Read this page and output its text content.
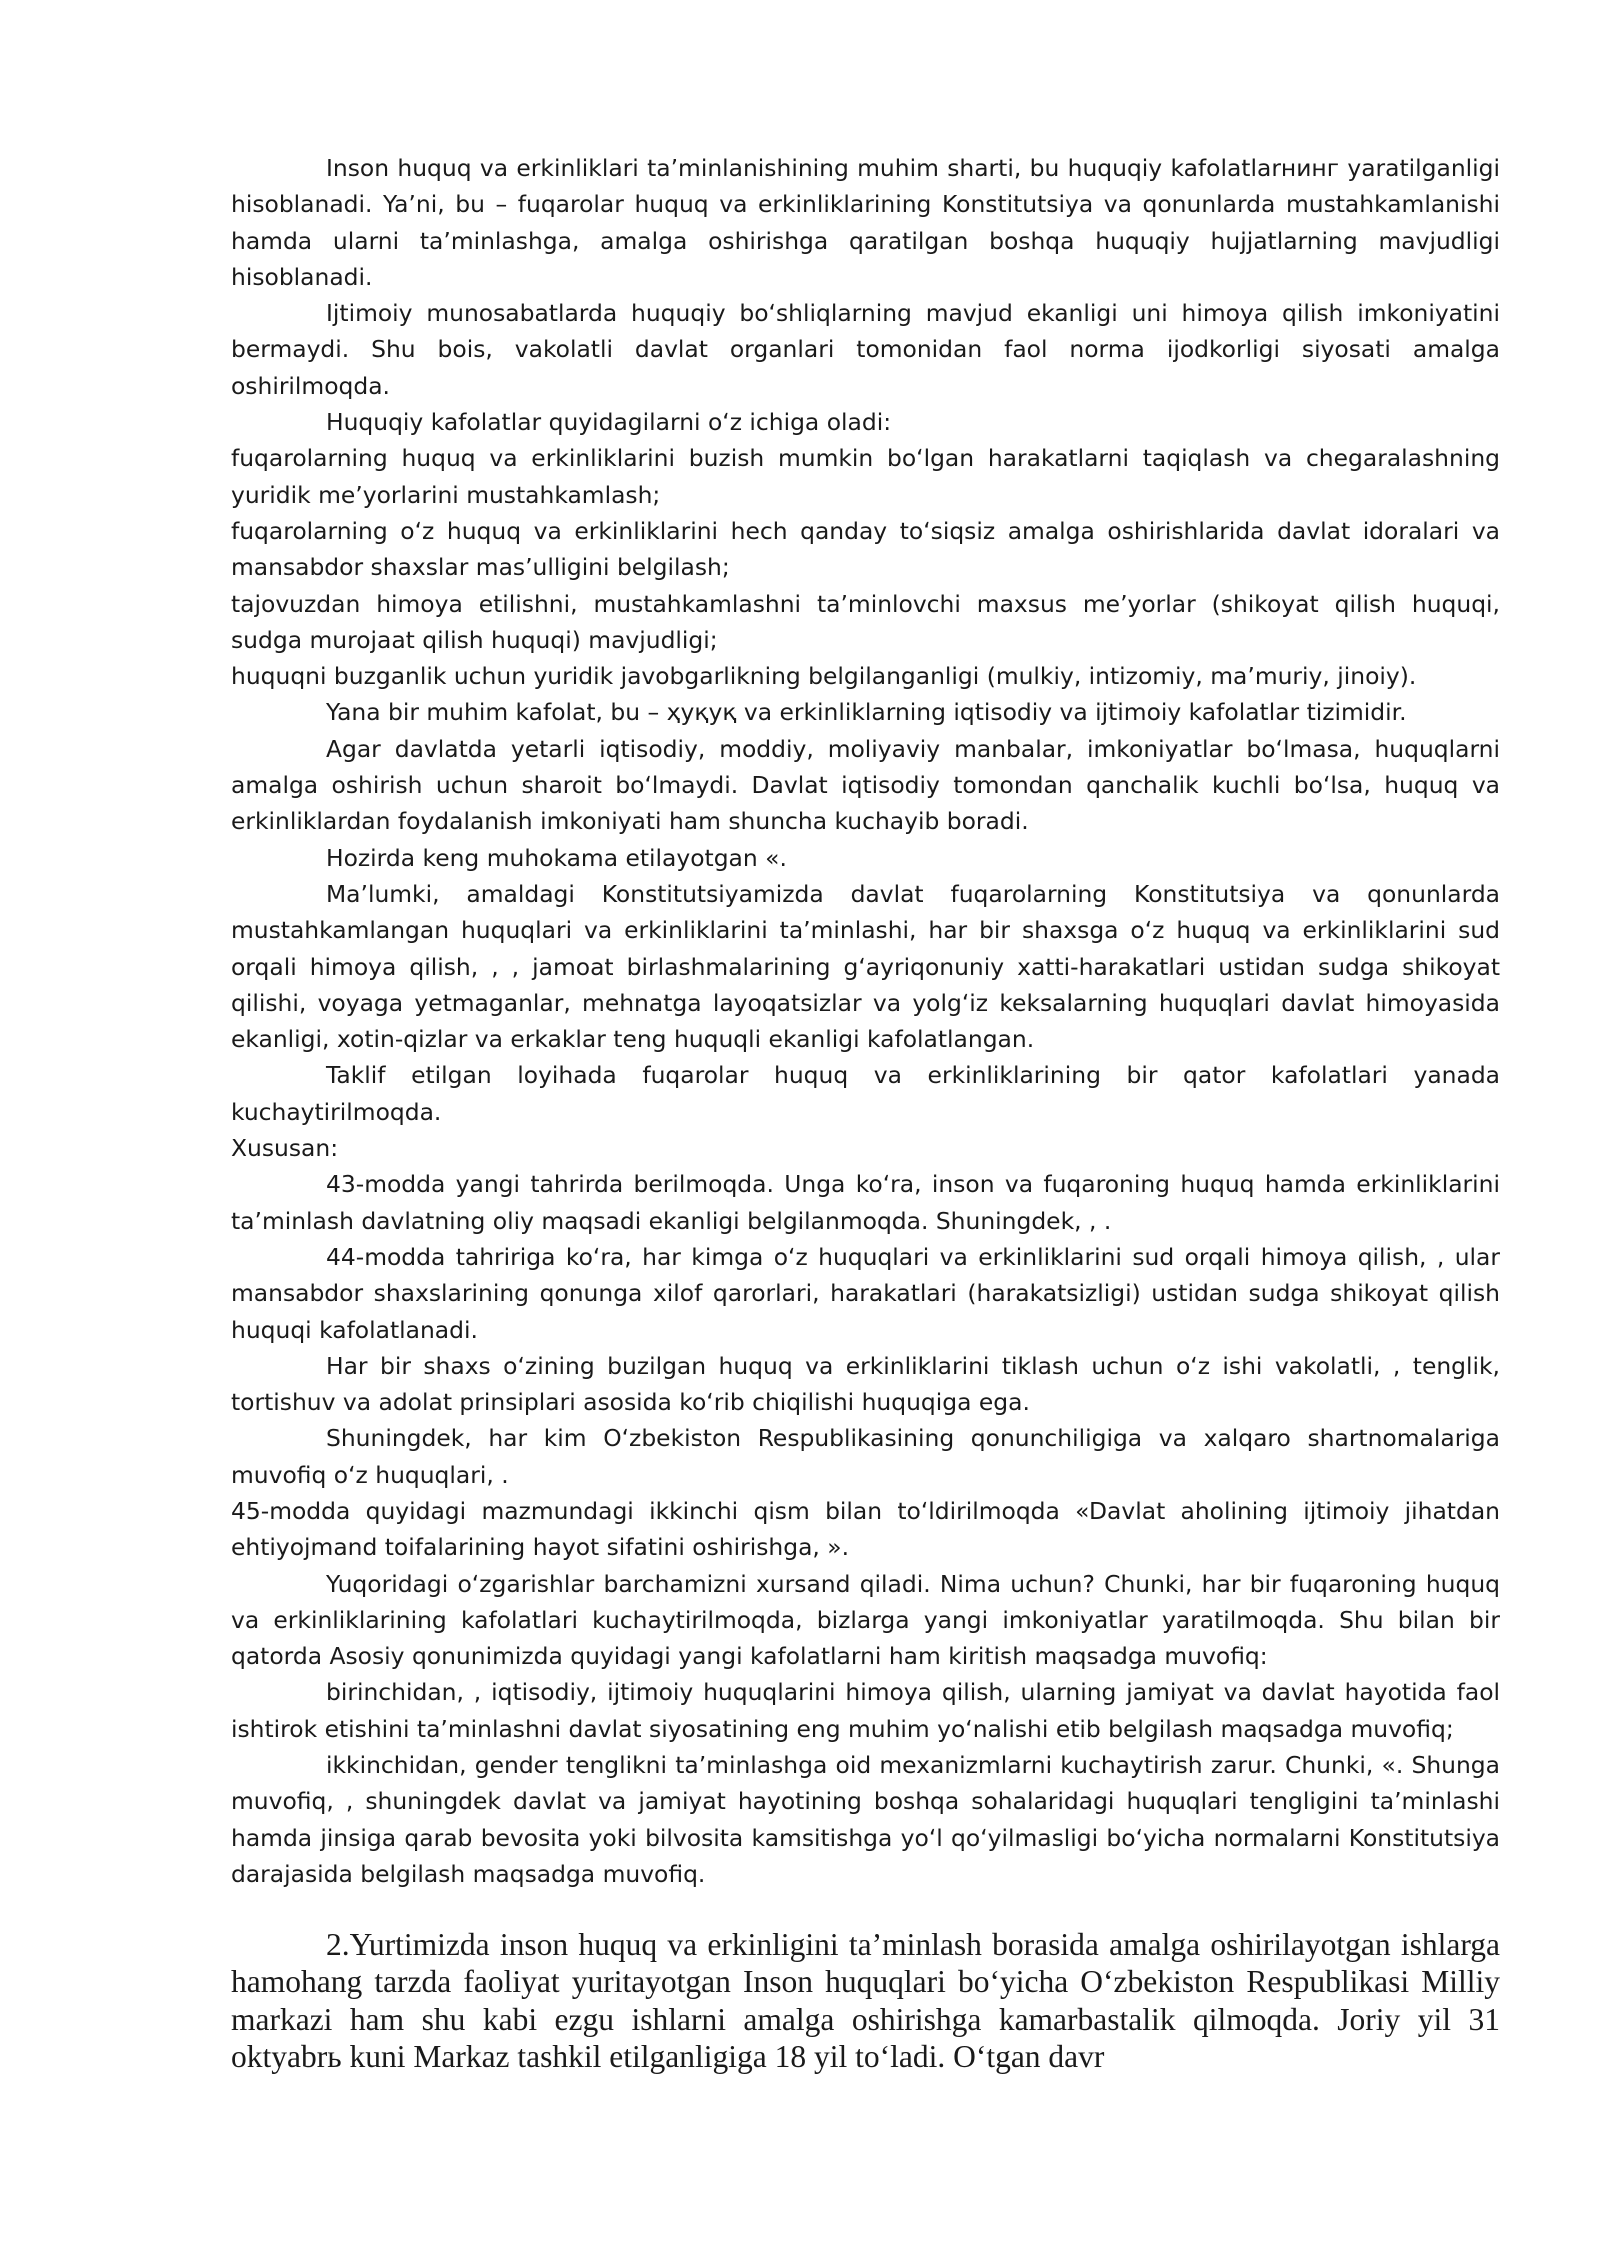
Inson huquq va erkinliklari ta’minlanishining muhim sharti, bu huquqiy kafolatlarнинг yaratilganligi hisoblanadi. Ya’ni, bu – fuqarolar huquq va erkinliklarining Konstitutsiya va qonunlarda mustahkamlanishi hamda ularni ta’minlashga, amalga oshirishga qaratilgan boshqa huquqiy hujjatlarning mavjudligi hisoblanadi.

Ijtimoiy munosabatlarda huquqiy boʻshliqlarning mavjud ekanligi uni himoya qilish imkoniyatini bermaydi. Shu bois, vakolatli davlat organlari tomonidan faol norma ijodkorligi siyosati amalga oshirilmoqda.

Huquqiy kafolatlar quyidagilarni oʻz ichiga oladi:

fuqarolarning huquq va erkinliklarini buzish mumkin boʻlgan harakatlarni taqiqlash va chegaralashning yuridik me’yorlarini mustahkamlash;

fuqarolarning oʻz huquq va erkinliklarini hech qanday toʻsiqsiz amalga oshirishlarida davlat idoralari va mansabdor shaxslar mas’ulligini belgilash;

tajovuzdan himoya etilishni, mustahkamlashni ta’minlovchi maxsus me’yorlar (shikoyat qilish huquqi, sudga murojaat qilish huquqi) mavjudligi;

huquqni buzganlik uchun yuridik javobgarlikning belgilanganligi (mulkiy, intizomiy, ma’muriy, jinoiy).

Yana bir muhim kafolat, bu – ҳуқуқ va erkinliklarning iqtisodiy va ijtimoiy kafolatlar tizimidir.

Agar davlatda yetarli iqtisodiy, moddiy, moliyaviy manbalar, imkoniyatlar boʻlmasa, huquqlarni amalga oshirish uchun sharoit boʻlmaydi. Davlat iqtisodiy tomondan qanchalik kuchli boʻlsa, huquq va erkinliklardan foydalanish imkoniyati ham shuncha kuchayib boradi.

Hozirda keng muhokama etilayotgan «.

Ma’lumki, amaldagi Konstitutsiyamizda davlat fuqarolarning Konstitutsiya va qonunlarda mustahkamlangan huquqlari va erkinliklarini ta’minlashi, har bir shaxsga oʻz huquq va erkinliklarini sud orqali himoya qilish, , , jamoat birlashmalarining gʻayriqonuniy xatti-harakatlari ustidan sudga shikoyat qilishi, voyaga yetmaganlar, mehnatga layoqatsizlar va yolgʻiz keksalarning huquqlari davlat himoyasida ekanligi, xotin-qizlar va erkaklar teng huquqli ekanligi kafolatlangan.

Taklif etilgan loyihada fuqarolar huquq va erkinliklarining bir qator kafolatlari yanada kuchaytirilmoqda.

Xususan:

43-modda yangi tahrirda berilmoqda. Unga koʻra, inson va fuqaroning huquq hamda erkinliklarini ta’minlash davlatning oliy maqsadi ekanligi belgilanmoqda. Shuningdek, , .

44-modda tahririga koʻra, har kimga oʻz huquqlari va erkinliklarini sud orqali himoya qilish, , ular mansabdor shaxslarining qonunga xilof qarorlari, harakatlari (harakatsizligi) ustidan sudga shikoyat qilish huquqi kafolatlanadi.

Har bir shaxs oʻzining buzilgan huquq va erkinliklarini tiklash uchun oʻz ishi vakolatli, , tenglik, tortishuv va adolat prinsiplari asosida koʻrib chiqilishi huquqiga ega.

Shuningdek, har kim Oʻzbekiston Respublikasining qonunchiligiga va xalqaro shartnomalariga muvofiq oʻz huquqlari, .

45-modda quyidagi mazmundagi ikkinchi qism bilan toʻldirilmoqda «Davlat aholining ijtimoiy jihatdan ehtiyojmand toifalarining hayot sifatini oshirishga, ».

Yuqoridagi oʻzgarishlar barchamizni xursand qiladi. Nima uchun? Chunki, har bir fuqaroning huquq va erkinliklarining kafolatlari kuchaytirilmoqda, bizlarga yangi imkoniyatlar yaratilmoqda. Shu bilan bir qatorda Asosiy qonunimizda quyidagi yangi kafolatlarni ham kiritish maqsadga muvofiq:

birinchidan, , iqtisodiy, ijtimoiy huquqlarini himoya qilish, ularning jamiyat va davlat hayotida faol ishtirok etishini ta’minlashni davlat siyosatining eng muhim yoʻnalishi etib belgilash maqsadga muvofiq;

ikkinchidan, gender tenglikni ta’minlashga oid mexanizmlarni kuchaytirish zarur. Chunki, «. Shunga muvofiq, , shuningdek davlat va jamiyat hayotining boshqa sohalaridagi huquqlari tengligini ta’minlashi hamda jinsiga qarab bevosita yoki bilvosita kamsitishga yoʻl qoʻyilmasligi boʻyicha normalarni Konstitutsiya darajasida belgilash maqsadga muvofiq.

2.Yurtimizda inson huquq va erkinligini ta’minlash borasida amalga oshirilayotgan ishlarga hamohang tarzda faoliyat yuritayotgan Inson huquqlari boʻyicha Oʻzbekiston Respublikasi Milliy markazi ham shu kabi ezgu ishlarni amalga oshirishga kamarbastalik qilmoqda. Joriy yil 31 oktyabrь kuni Markaz tashkil etilganligiga 18 yil toʻladi. Oʻtgan davr
